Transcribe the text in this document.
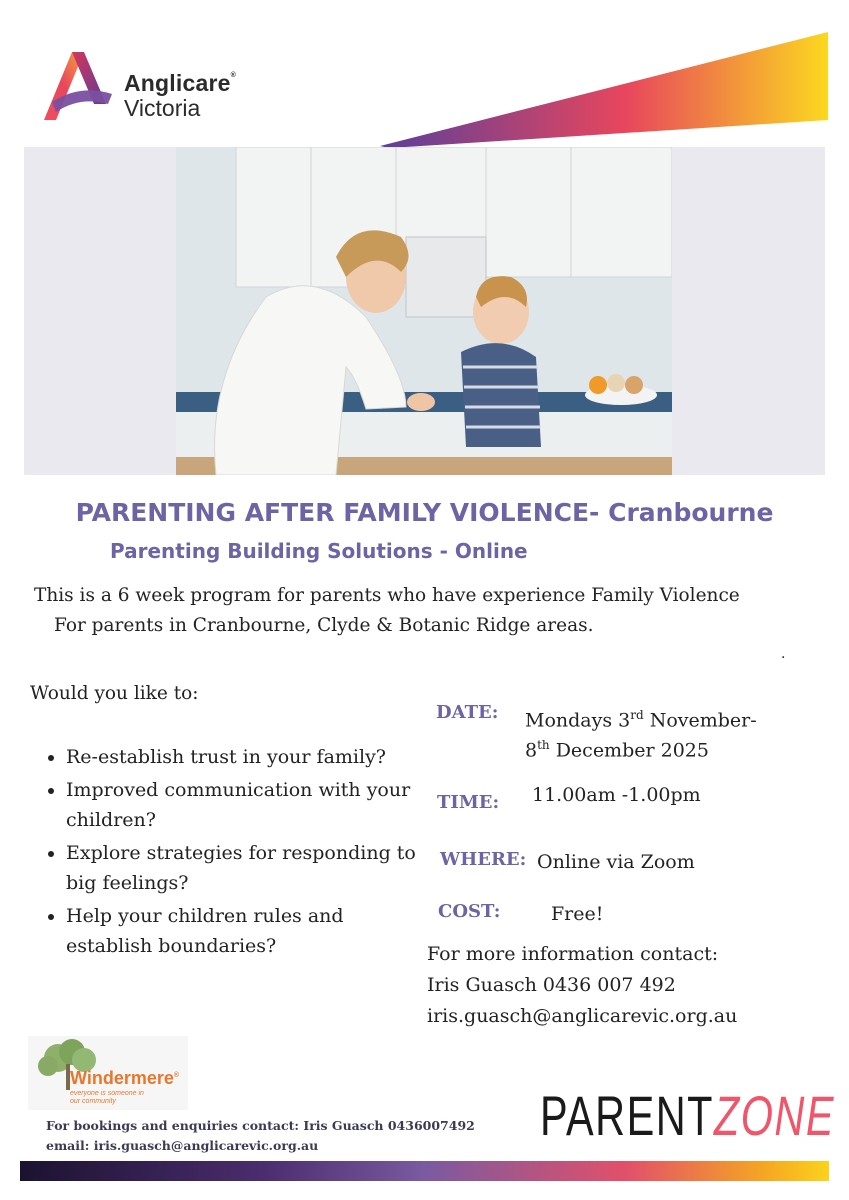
Anglicare®
Victoria
PARENTING AFTER FAMILY VIOLENCE- Cranbourne
Parenting Building Solutions - Online
This is a 6 week program for parents who have experience Family Violence
For parents in Cranbourne, Clyde & Botanic Ridge areas.
.
Would you like to:
• Re-establish trust in your family?
• Improved communication with your children?
• Explore strategies for responding to big feelings?
• Help your children rules and establish boundaries?
DATE: Mondays 3rd November-
8th December 2025
TIME: 11.00am -1.00pm
WHERE: Online via Zoom
COST:	Free!
For more information contact:
Iris Guasch 0436 007 492
iris.guasch@anglicarevic.org.au
Windermere®
everyone is someone in our community
For bookings and enquiries contact: Iris Guasch 0436007492
email: iris.guasch@anglicarevic.org.au	PARENTZONE
